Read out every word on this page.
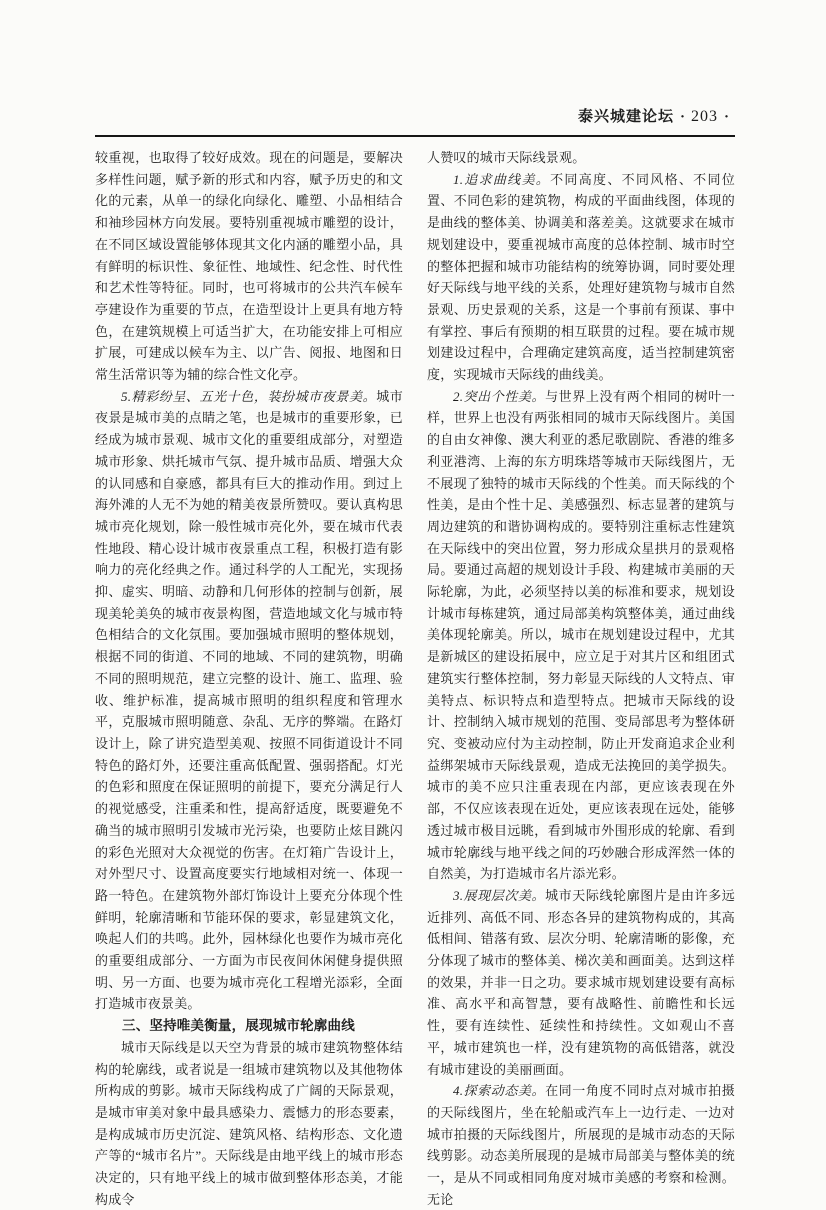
泰兴城建论坛 · 203 ·

较重视，也取得了较好成效。现在的问题是，要解决多样性问题，赋予新的形式和内容，赋予历史的和文化的元素，从单一的绿化向绿化、雕塑、小品相结合和袖珍园林方向发展。要特别重视城市雕塑的设计，在不同区域设置能够体现其文化内涵的雕塑小品，具有鲜明的标识性、象征性、地域性、纪念性、时代性和艺术性等特征。同时，也可将城市的公共汽车候车亭建设作为重要的节点，在造型设计上更具有地方特色，在建筑规模上可适当扩大，在功能安排上可相应扩展，可建成以候车为主、以广告、阅报、地图和日常生活常识等为辅的综合性文化亭。

5.精彩纷呈、五光十色，装扮城市夜景美。城市夜景是城市美的点睛之笔，也是城市的重要形象，已经成为城市景观、城市文化的重要组成部分，对塑造城市形象、烘托城市气氛、提升城市品质、增强大众的认同感和自豪感，都具有巨大的推动作用。到过上海外滩的人无不为她的精美夜景所赞叹。要认真构思城市亮化规划，除一般性城市亮化外，要在城市代表性地段、精心设计城市夜景重点工程，积极打造有影响力的亮化经典之作。通过科学的人工配光，实现扬抑、虚实、明暗、动静和几何形体的控制与创新，展现美轮美奂的城市夜景构图，营造地域文化与城市特色相结合的文化氛围。要加强城市照明的整体规划，根据不同的街道、不同的地域、不同的建筑物，明确不同的照明规范，建立完整的设计、施工、监理、验收、维护标准，提高城市照明的组织程度和管理水平，克服城市照明随意、杂乱、无序的弊端。在路灯设计上，除了讲究造型美观、按照不同街道设计不同特色的路灯外，还要注重高低配置、强弱搭配。灯光的色彩和照度在保证照明的前提下，要充分满足行人的视觉感受，注重柔和性，提高舒适度，既要避免不确当的城市照明引发城市光污染，也要防止炫目跳闪的彩色光照对大众视觉的伤害。在灯箱广告设计上，对外型尺寸、设置高度要实行地域相对统一、体现一路一特色。在建筑物外部灯饰设计上要充分体现个性鲜明，轮廓清晰和节能环保的要求，彰显建筑文化，唤起人们的共鸣。此外，园林绿化也要作为城市亮化的重要组成部分、一方面为市民夜间休闲健身提供照明、另一方面、也要为城市亮化工程增光添彩，全面打造城市夜景美。

三、坚持唯美衡量，展现城市轮廓曲线

城市天际线是以天空为背景的城市建筑物整体结构的轮廓线，或者说是一组城市建筑物以及其他物体所构成的剪影。城市天际线构成了广阔的天际景观，是城市审美对象中最具感染力、震憾力的形态要素，是构成城市历史沉淀、建筑风格、结构形态、文化遗产等的“城市名片”。天际线是由地平线上的城市形态决定的，只有地平线上的城市做到整体形态美，才能构成令

人赞叹的城市天际线景观。

1.追求曲线美。不同高度、不同风格、不同位置、不同色彩的建筑物，构成的平面曲线图，体现的是曲线的整体美、协调美和落差美。这就要求在城市规划建设中，要重视城市高度的总体控制、城市时空的整体把握和城市功能结构的统筹协调，同时要处理好天际线与地平线的关系，处理好建筑物与城市自然景观、历史景观的关系，这是一个事前有预谋、事中有掌控、事后有预期的相互联贯的过程。要在城市规划建设过程中，合理确定建筑高度，适当控制建筑密度，实现城市天际线的曲线美。

2.突出个性美。与世界上没有两个相同的树叶一样，世界上也没有两张相同的城市天际线图片。美国的自由女神像、澳大利亚的悉尼歌剧院、香港的维多利亚港湾、上海的东方明珠塔等城市天际线图片，无不展现了独特的城市天际线的个性美。而天际线的个性美，是由个性十足、美感强烈、标志显著的建筑与周边建筑的和谐协调构成的。要特别注重标志性建筑在天际线中的突出位置，努力形成众星拱月的景观格局。要通过高超的规划设计手段、构建城市美丽的天际轮廓，为此，必须坚持以美的标准和要求，规划设计城市每栋建筑，通过局部美构筑整体美，通过曲线美体现轮廓美。所以，城市在规划建设过程中，尤其是新城区的建设拓展中，应立足于对其片区和组团式建筑实行整体控制，努力彰显天际线的人文特点、审美特点、标识特点和造型特点。把城市天际线的设计、控制纳入城市规划的范围、变局部思考为整体研究、变被动应付为主动控制，防止开发商追求企业利益绑架城市天际线景观，造成无法挽回的美学损失。城市的美不应只注重表现在内部，更应该表现在外部，不仅应该表现在近处，更应该表现在远处，能够透过城市极目远眺，看到城市外围形成的轮廓、看到城市轮廓线与地平线之间的巧妙融合形成浑然一体的自然美，为打造城市名片添光彩。

3.展现层次美。城市天际线轮廓图片是由许多远近排列、高低不同、形态各异的建筑物构成的，其高低相间、错落有致、层次分明、轮廓清晰的影像，充分体现了城市的整体美、梯次美和画面美。达到这样的效果，并非一日之功。要求城市规划建设要有高标准、高水平和高智慧，要有战略性、前瞻性和长远性，要有连续性、延续性和持续性。文如观山不喜平，城市建筑也一样，没有建筑物的高低错落，就没有城市建设的美丽画面。

4.探索动态美。在同一角度不同时点对城市拍摄的天际线图片，坐在轮船或汽车上一边行走、一边对城市拍摄的天际线图片，所展现的是城市动态的天际线剪影。动态美所展现的是城市局部美与整体美的统一，是从不同或相同角度对城市美感的考察和检测。无论
